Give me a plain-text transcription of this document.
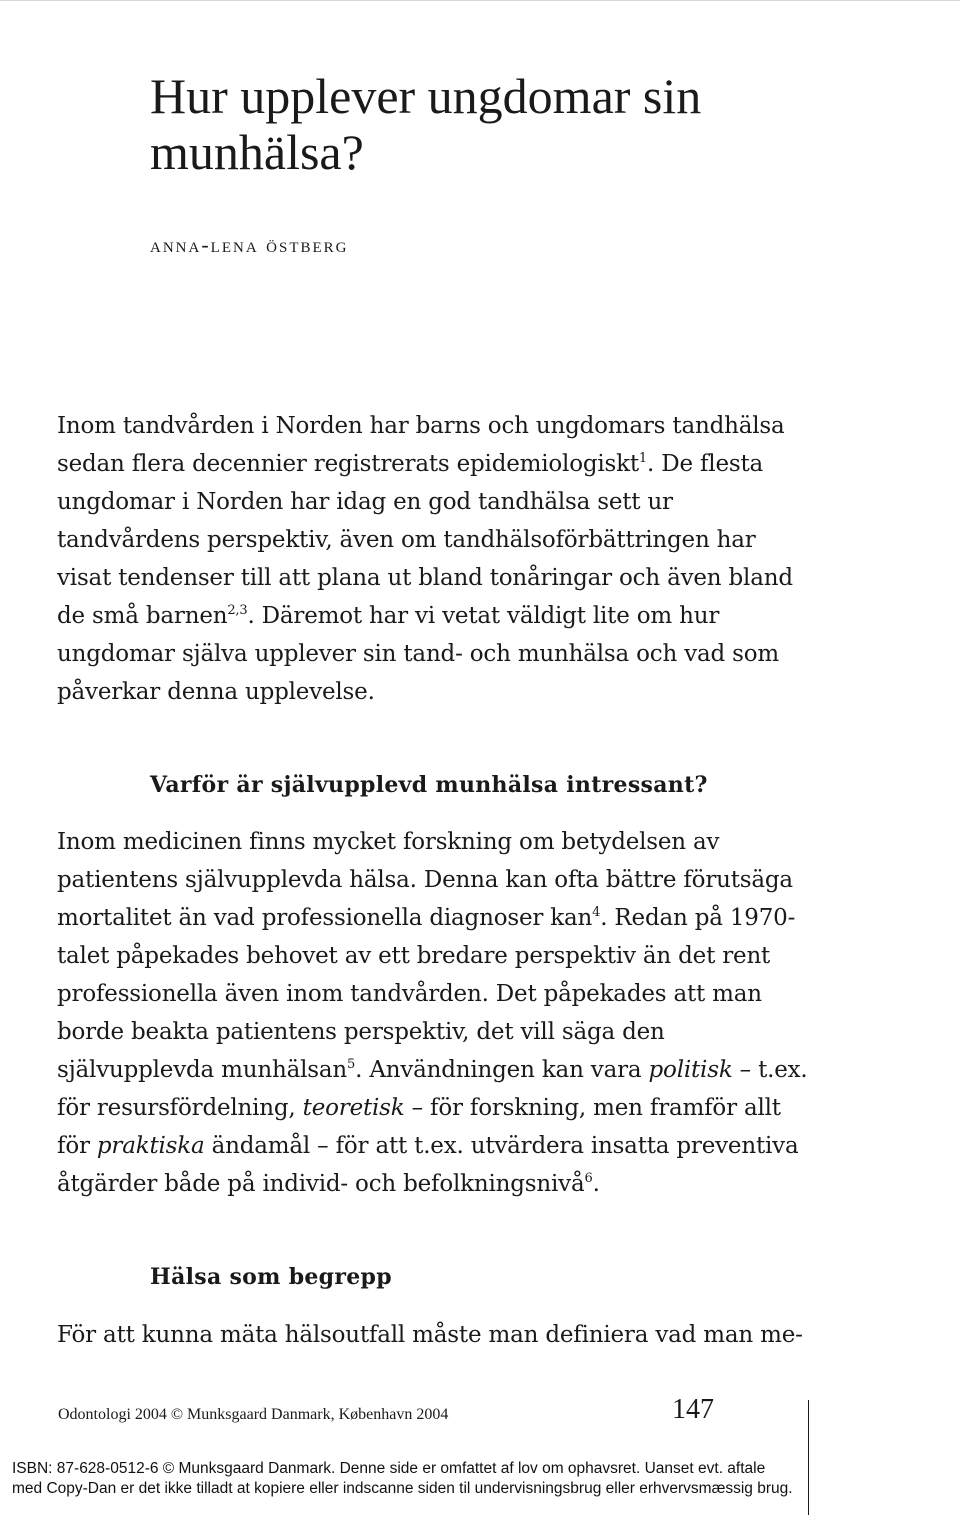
Hur upplever ungdomar sin munhälsa?
anna-lena östberg

Inom tandvården i Norden har barns och ungdomars tandhälsa sedan flera decennier registrerats epidemiologiskt$^1$. De flesta ungdomar i Norden har idag en god tandhälsa sett ur tandvårdens perspektiv, även om tandhälsoförbättringen har visat tendenser till att plana ut bland tonåringar och även bland de små barnen$^{2,3}$. Däremot har vi vetat väldigt lite om hur ungdomar själva upplever sin tand- och munhälsa och vad som påverkar denna upplevelse.

Varför är självupplevd munhälsa intressant?

Inom medicinen finns mycket forskning om betydelsen av patientens självupplevda hälsa. Denna kan ofta bättre förutsäga mortalitet än vad professionella diagnoser kan$^4$. Redan på 1970-talet påpekades behovet av ett bredare perspektiv än det rent professionella även inom tandvården. Det påpekades att man borde beakta patientens perspektiv, det vill säga den självupplevda munhälsan$^5$. Användningen kan vara politisk – t.ex. för resursfördelning, teoretisk – för forskning, men framför allt för praktiska ändamål – för att t.ex. utvärdera insatta preventiva åtgärder både på individ- och befolkningsnivå$^6$.

Hälsa som begrepp

För att kunna mäta hälsoutfall måste man definiera vad man me-

Odontologi 2004 © Munksgaard Danmark, København 2004	147
ISBN: 87-628-0512-6 © Munksgaard Danmark. Denne side er omfattet af lov om ophavsret. Uanset evt. aftale
med Copy-Dan er det ikke tilladt at kopiere eller indscanne siden til undervisningsbrug eller erhvervsmæssig brug.
